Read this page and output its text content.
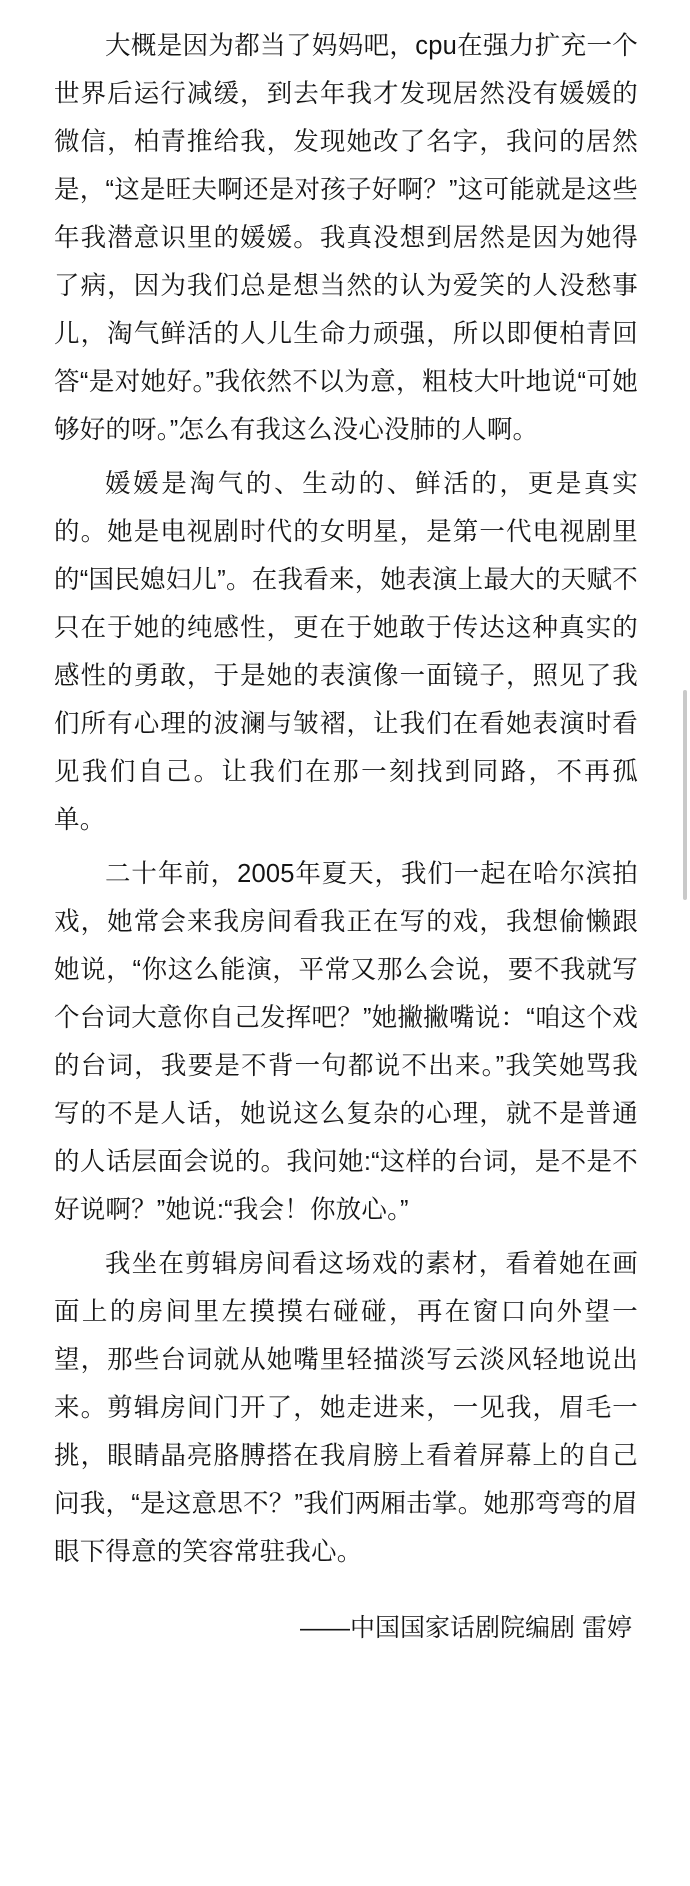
大概是因为都当了妈妈吧，cpu在强力扩充一个世界后运行减缓，到去年我才发现居然没有媛媛的微信，柏青推给我，发现她改了名字，我问的居然是，“这是旺夫啊还是对孩子好啊？”这可能就是这些年我潜意识里的媛媛。我真没想到居然是因为她得了病，因为我们总是想当然的认为爱笑的人没愁事儿，淘气鲜活的人儿生命力顽强，所以即便柏青回答“是对她好。”我依然不以为意，粗枝大叶地说“可她够好的呀。”怎么有我这么没心没肺的人啊。

媛媛是淘气的、生动的、鲜活的，更是真实的。她是电视剧时代的女明星，是第一代电视剧里的“国民媳妇儿”。在我看来，她表演上最大的天赋不只在于她的纯感性，更在于她敢于传达这种真实的感性的勇敢，于是她的表演像一面镜子，照见了我们所有心理的波澜与皱褶，让我们在看她表演时看见我们自己。让我们在那一刻找到同路，不再孤单。

二十年前，2005年夏天，我们一起在哈尔滨拍戏，她常会来我房间看我正在写的戏，我想偷懒跟她说，“你这么能演，平常又那么会说，要不我就写个台词大意你自己发挥吧？”她撇撇嘴说：“咱这个戏的台词，我要是不背一句都说不出来。”我笑她骂我写的不是人话，她说这么复杂的心理，就不是普通的人话层面会说的。我问她:“这样的台词，是不是不好说啊？”她说:“我会！你放心。”

我坐在剪辑房间看这场戏的素材，看着她在画面上的房间里左摸摸右碰碰，再在窗口向外望一望，那些台词就从她嘴里轻描淡写云淡风轻地说出来。剪辑房间门开了，她走进来，一见我，眉毛一挑，眼睛晶亮胳膊搭在我肩膀上看着屏幕上的自己问我，“是这意思不？”我们两厢击掌。她那弯弯的眉眼下得意的笑容常驻我心。

——中国国家话剧院编剧 雷婷
